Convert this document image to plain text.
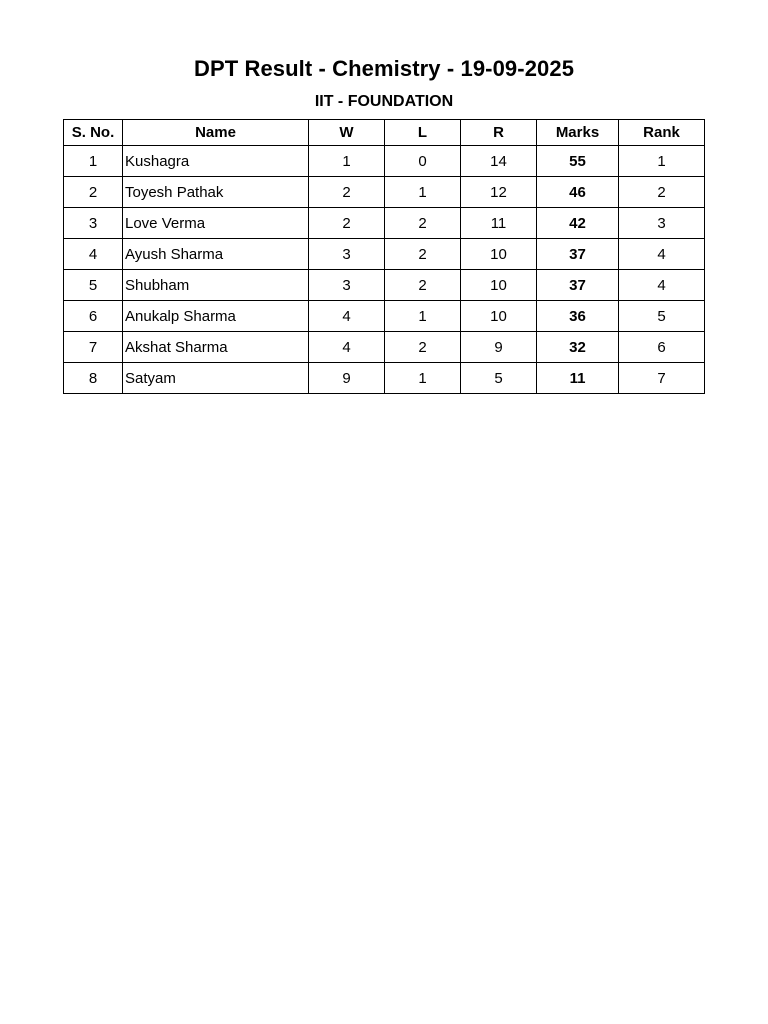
DPT Result - Chemistry - 19-09-2025
IIT - FOUNDATION
S. No.	Name	W	L	R	Marks	Rank
1	Kushagra	1	0	14	55	1
2	Toyesh Pathak	2	1	12	46	2
3	Love Verma	2	2	11	42	3
4	Ayush Sharma	3	2	10	37	4
5	Shubham	3	2	10	37	4
6	Anukalp Sharma	4	1	10	36	5
7	Akshat Sharma	4	2	9	32	6
8	Satyam	9	1	5	11	7
